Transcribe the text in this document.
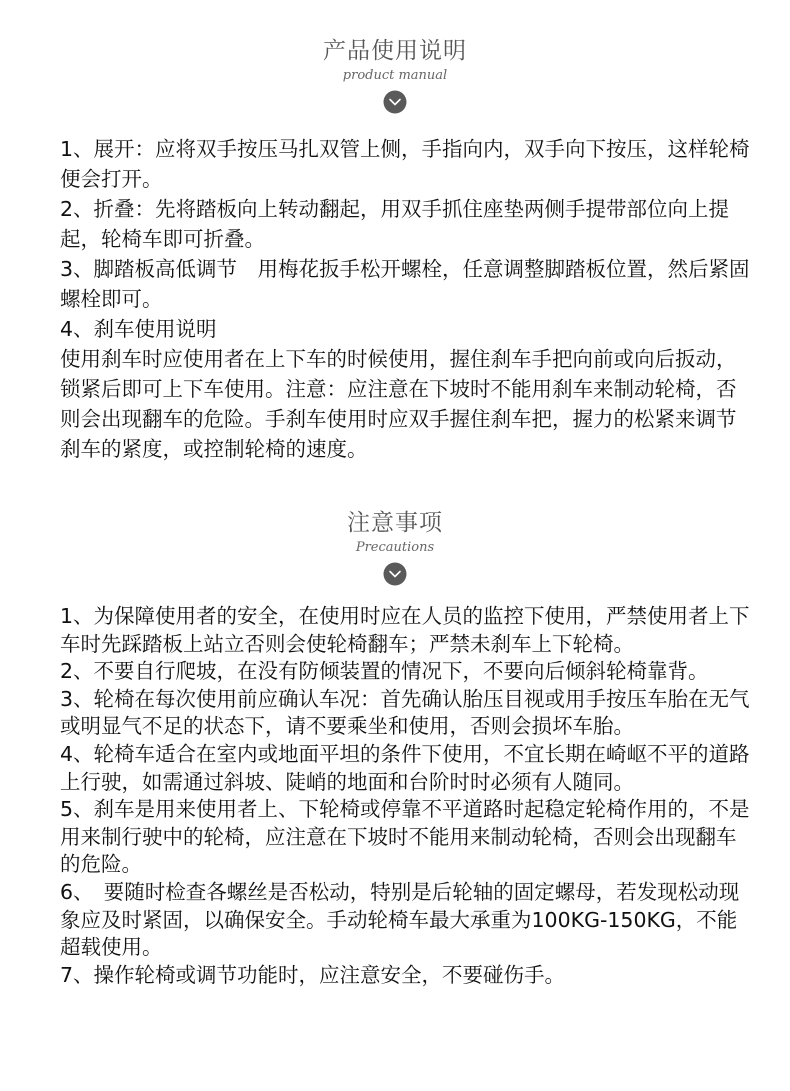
产品使用说明
product manual

1、展开：应将双手按压马扎双管上侧，手指向内，双手向下按压，这样轮椅便会打开。

2、折叠：先将踏板向上转动翻起，用双手抓住座垫两侧手提带部位向上提起，轮椅车即可折叠。

3、脚踏板高低调节　用梅花扳手松开螺栓，任意调整脚踏板位置，然后紧固螺栓即可。

4、刹车使用说明

使用刹车时应使用者在上下车的时候使用，握住刹车手把向前或向后扳动，锁紧后即可上下车使用。注意：应注意在下坡时不能用刹车来制动轮椅，否则会出现翻车的危险。手刹车使用时应双手握住刹车把，握力的松紧来调节刹车的紧度，或控制轮椅的速度。

注意事项
Precautions

1、为保障使用者的安全，在使用时应在人员的监控下使用，严禁使用者上下车时先踩踏板上站立否则会使轮椅翻车；严禁未刹车上下轮椅。

2、不要自行爬坡，在没有防倾装置的情况下，不要向后倾斜轮椅靠背。

3、轮椅在每次使用前应确认车况：首先确认胎压目视或用手按压车胎在无气或明显气不足的状态下，请不要乘坐和使用，否则会损坏车胎。

4、轮椅车适合在室内或地面平坦的条件下使用，不宜长期在崎岖不平的道路上行驶，如需通过斜坡、陡峭的地面和台阶时时必须有人随同。

5、刹车是用来使用者上、下轮椅或停靠不平道路时起稳定轮椅作用的，不是用来制行驶中的轮椅，应注意在下坡时不能用来制动轮椅，否则会出现翻车的危险。

6、　要随时检查各螺丝是否松动，特别是后轮轴的固定螺母，若发现松动现象应及时紧固，以确保安全。手动轮椅车最大承重为100KG-150KG，不能超载使用。

7、操作轮椅或调节功能时，应注意安全，不要碰伤手。
